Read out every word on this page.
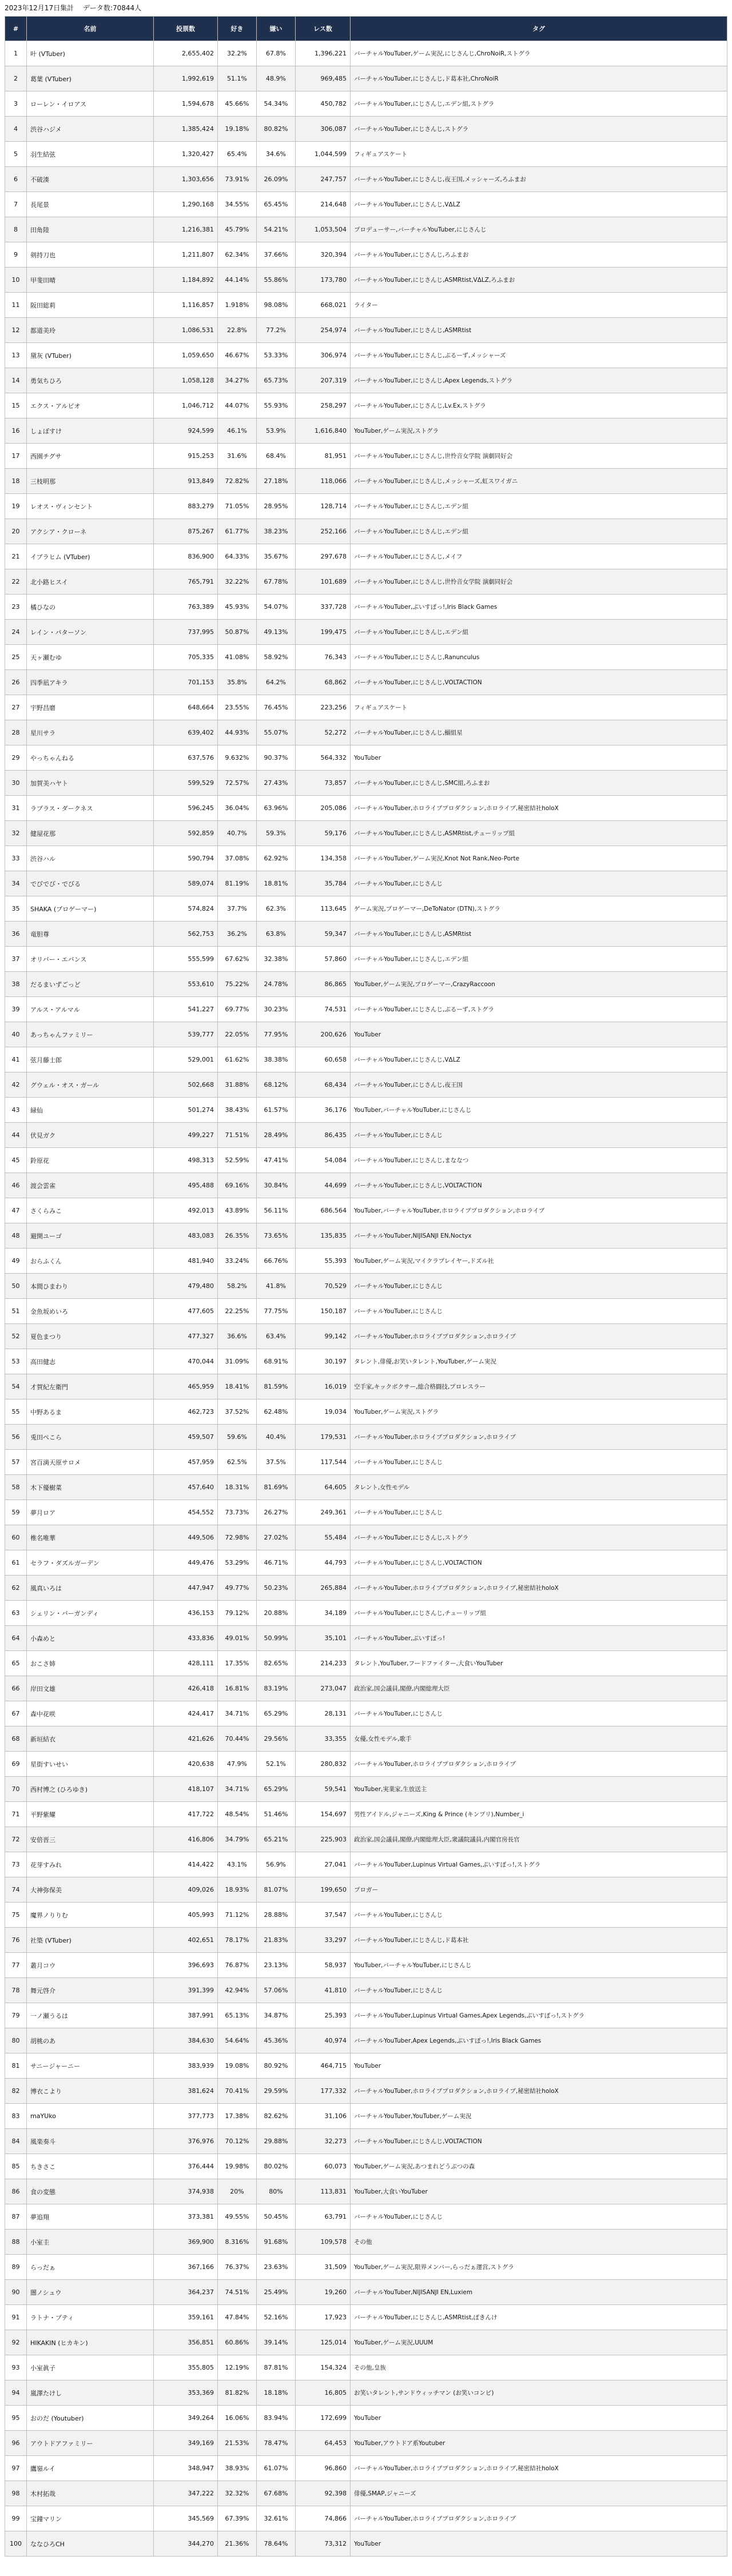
2023年12月17日集計 データ数:70844人
#	名前	投票数	好き	嫌い	レス数	タグ
1	叶 (VTuber)	2,655,402	32.2%	67.8%	1,396,221	バーチャルYouTuber,ゲーム実況,にじさんじ,ChroNoiR,ストグラ
2	葛葉 (VTuber)	1,992,619	51.1%	48.9%	969,485	バーチャルYouTuber,にじさんじ,ド葛本社,ChroNoiR
3	ローレン・イロアス	1,594,678	45.66%	54.34%	450,782	バーチャルYouTuber,にじさんじ,エデン組,ストグラ
4	渋谷ハジメ	1,385,424	19.18%	80.82%	306,087	バーチャルYouTuber,にじさんじ,ストグラ
5	羽生結弦	1,320,427	65.4%	34.6%	1,044,599	フィギュアスケート
6	不破湊	1,303,656	73.91%	26.09%	247,757	バーチャルYouTuber,にじさんじ,夜王国,メッシャーズ,ろふまお
7	長尾景	1,290,168	34.55%	65.45%	214,648	バーチャルYouTuber,にじさんじ,VΔLZ
8	田角陸	1,216,381	45.79%	54.21%	1,053,504	プロデューサー,バーチャルYouTuber,にじさんじ
9	剣持刀也	1,211,807	62.34%	37.66%	320,394	バーチャルYouTuber,にじさんじ,ろふまお
10	甲斐田晴	1,184,892	44.14%	55.86%	173,780	バーチャルYouTuber,にじさんじ,ASMRtist,VΔLZ,ろふまお
11	阪田総莉	1,116,857	1.918%	98.08%	668,021	ライター
12	都道美玲	1,086,531	22.8%	77.2%	254,974	バーチャルYouTuber,にじさんじ,ASMRtist
13	黛灰 (VTuber)	1,059,650	46.67%	53.33%	306,974	バーチャルYouTuber,にじさんじ,ぶるーず,メッシャーズ
14	勇気ちひろ	1,058,128	34.27%	65.73%	207,319	バーチャルYouTuber,にじさんじ,Apex Legends,ストグラ
15	エクス・アルビオ	1,046,712	44.07%	55.93%	258,297	バーチャルYouTuber,にじさんじ,Lv.Ex,ストグラ
16	しょぼすけ	924,599	46.1%	53.9%	1,616,840	YouTuber,ゲーム実況,ストグラ
17	西園チグサ	915,253	31.6%	68.4%	81,951	バーチャルYouTuber,にじさんじ,世怜音女学院 演劇同好会
18	三枝明那	913,849	72.82%	27.18%	118,066	バーチャルYouTuber,にじさんじ,メッシャーズ,虹スワイガニ
19	レオス・ヴィンセント	883,279	71.05%	28.95%	128,714	バーチャルYouTuber,にじさんじ,エデン組
20	アクシア・クローネ	875,267	61.77%	38.23%	252,166	バーチャルYouTuber,にじさんじ,エデン組
21	イブラヒム (VTuber)	836,900	64.33%	35.67%	297,678	バーチャルYouTuber,にじさんじ,メイフ
22	北小路ヒスイ	765,791	32.22%	67.78%	101,689	バーチャルYouTuber,にじさんじ,世怜音女学院 演劇同好会
23	橘ひなの	763,389	45.93%	54.07%	337,728	バーチャルYouTuber,ぶいすぽっ!,Iris Black Games
24	レイン・パターソン	737,995	50.87%	49.13%	199,475	バーチャルYouTuber,にじさんじ,エデン組
25	天ヶ瀬むゆ	705,335	41.08%	58.92%	76,343	バーチャルYouTuber,にじさんじ,Ranunculus
26	四季凪アキラ	701,153	35.8%	64.2%	68,862	バーチャルYouTuber,にじさんじ,VOLTACTION
27	宇野昌磨	648,664	23.55%	76.45%	223,256	フィギュアスケート
28	星川サラ	639,402	44.93%	55.07%	52,272	バーチャルYouTuber,にじさんじ,鰯組星
29	やっちゃんねる	637,576	9.632%	90.37%	564,332	YouTuber
30	加賀美ハヤト	599,529	72.57%	27.43%	73,857	バーチャルYouTuber,にじさんじ,SMC組,ろふまお
31	ラプラス・ダークネス	596,245	36.04%	63.96%	205,086	バーチャルYouTuber,ホロライブプロダクション,ホロライブ,秘密結社holoX
32	健屋花那	592,859	40.7%	59.3%	59,176	バーチャルYouTuber,にじさんじ,ASMRtist,チューリップ組
33	渋谷ハル	590,794	37.08%	62.92%	134,358	バーチャルYouTuber,ゲーム実況,Knot Not Rank,Neo-Porte
34	でびでび・でびる	589,074	81.19%	18.81%	35,784	バーチャルYouTuber,にじさんじ
35	SHAKA (プロゲーマー)	574,824	37.7%	62.3%	113,645	ゲーム実況,プロゲーマー,DeToNator (DTN),ストグラ
36	竜胆尊	562,753	36.2%	63.8%	59,347	バーチャルYouTuber,にじさんじ,ASMRtist
37	オリバー・エバンス	555,599	67.62%	32.38%	57,860	バーチャルYouTuber,にじさんじ,エデン組
38	だるまいずごっど	553,610	75.22%	24.78%	86,865	YouTuber,ゲーム実況,プロゲーマー,CrazyRaccoon
39	アルス・アルマル	541,227	69.77%	30.23%	74,531	バーチャルYouTuber,にじさんじ,ぶるーず,ストグラ
40	あっちゃんファミリー	539,777	22.05%	77.95%	200,626	YouTuber
41	弦月藤士郎	529,001	61.62%	38.38%	60,658	バーチャルYouTuber,にじさんじ,VΔLZ
42	グウェル・オス・ガール	502,668	31.88%	68.12%	68,434	バーチャルYouTuber,にじさんじ,夜王国
43	緑仙	501,274	38.43%	61.57%	36,176	YouTuber,バーチャルYouTuber,にじさんじ
44	伏見ガク	499,227	71.51%	28.49%	86,435	バーチャルYouTuber,にじさんじ
45	鈴原花	498,313	52.59%	47.41%	54,084	バーチャルYouTuber,にじさんじ,まななつ
46	渡会雲雀	495,488	69.16%	30.84%	44,699	バーチャルYouTuber,にじさんじ,VOLTACTION
47	さくらみこ	492,013	43.89%	56.11%	686,564	YouTuber,バーチャルYouTuber,ホロライブプロダクション,ホロライブ
48	避開ユーゴ	483,083	26.35%	73.65%	135,835	バーチャルYouTuber,NIJISANJI EN,Noctyx
49	おらふくん	481,940	33.24%	66.76%	55,393	YouTuber,ゲーム実況,マイクラプレイヤー,ドズル社
50	本間ひまわり	479,480	58.2%	41.8%	70,529	バーチャルYouTuber,にじさんじ
51	金魚坂めいろ	477,605	22.25%	77.75%	150,187	バーチャルYouTuber,にじさんじ
52	夏色まつり	477,327	36.6%	63.4%	99,142	バーチャルYouTuber,ホロライブプロダクション,ホロライブ
53	高田健志	470,044	31.09%	68.91%	30,197	タレント,俳優,お笑いタレント,YouTuber,ゲーム実況
54	才賀紀左衛門	465,959	18.41%	81.59%	16,019	空手家,キックボクサー,総合格闘技,プロレスラー
55	中野あるま	462,723	37.52%	62.48%	19,034	YouTuber,ゲーム実況,ストグラ
56	兎田ぺこら	459,507	59.6%	40.4%	179,531	バーチャルYouTuber,ホロライブプロダクション,ホロライブ
57	宮百満天原サロメ	457,959	62.5%	37.5%	117,544	バーチャルYouTuber,にじさんじ
58	木下優樹菜	457,640	18.31%	81.69%	64,605	タレント,女性モデル
59	夢月ロア	454,552	73.73%	26.27%	249,361	バーチャルYouTuber,にじさんじ
60	椎名唯華	449,506	72.98%	27.02%	55,484	バーチャルYouTuber,にじさんじ,ストグラ
61	セラフ・ダズルガーデン	449,476	53.29%	46.71%	44,793	バーチャルYouTuber,にじさんじ,VOLTACTION
62	風真いろは	447,947	49.77%	50.23%	265,884	バーチャルYouTuber,ホロライブプロダクション,ホロライブ,秘密結社holoX
63	シェリン・バーガンディ	436,153	79.12%	20.88%	34,189	バーチャルYouTuber,にじさんじ,チューリップ組
64	小森めと	433,836	49.01%	50.99%	35,101	バーチャルYouTuber,ぶいすぽっ!
65	おこさ姉	428,111	17.35%	82.65%	214,233	タレント,YouTuber,フードファイター,大食いYouTuber
66	岸田文雄	426,418	16.81%	83.19%	273,047	政治家,国会議員,閣僚,内閣総理大臣
67	森中花咲	424,417	34.71%	65.29%	28,131	バーチャルYouTuber,にじさんじ
68	新垣結衣	421,626	70.44%	29.56%	33,355	女優,女性モデル,歌手
69	星街すいせい	420,638	47.9%	52.1%	280,832	バーチャルYouTuber,ホロライブプロダクション,ホロライブ
70	西村博之 (ひろゆき)	418,107	34.71%	65.29%	59,541	YouTuber,実業家,生放送主
71	平野紫耀	417,722	48.54%	51.46%	154,697	男性アイドル,ジャニーズ,King & Prince (キンプリ),Number_i
72	安倍晋三	416,806	34.79%	65.21%	225,903	政治家,国会議員,閣僚,内閣総理大臣,衆議院議員,内閣官房長官
73	花芽すみれ	414,422	43.1%	56.9%	27,041	バーチャルYouTuber,Lupinus Virtual Games,ぶいすぽっ!,ストグラ
74	大神弥保美	409,026	18.93%	81.07%	199,650	プロガー
75	魔界ノりりむ	405,993	71.12%	28.88%	37,547	バーチャルYouTuber,にじさんじ
76	社築 (VTuber)	402,651	78.17%	21.83%	33,297	バーチャルYouTuber,にじさんじ,ド葛本社
77	叢月コウ	396,693	76.87%	23.13%	58,937	YouTuber,バーチャルYouTuber,にじさんじ
78	舞元啓介	391,399	42.94%	57.06%	41,810	バーチャルYouTuber,にじさんじ
79	一ノ瀬うるは	387,991	65.13%	34.87%	25,393	バーチャルYouTuber,Lupinus Virtual Games,Apex Legends,ぶいすぽっ!,ストグラ
80	胡桃のあ	384,630	54.64%	45.36%	40,974	バーチャルYouTuber,Apex Legends,ぶいすぽっ!,Iris Black Games
81	サニージャーニー	383,939	19.08%	80.92%	464,715	YouTuber
82	博衣こより	381,624	70.41%	29.59%	177,332	バーチャルYouTuber,ホロライブプロダクション,ホロライブ,秘密結社holoX
83	maYUko	377,773	17.38%	82.62%	31,106	バーチャルYouTuber,YouTuber,ゲーム実況
84	風楽奏斗	376,976	70.12%	29.88%	32,273	バーチャルYouTuber,にじさんじ,VOLTACTION
85	ちきさこ	376,444	19.98%	80.02%	60,073	YouTuber,ゲーム実況,あつまれどうぶつの森
86	食の変態	374,938	20%	80%	113,831	YouTuber,大食いYouTuber
87	夢追翔	373,381	49.55%	50.45%	63,791	バーチャルYouTuber,にじさんじ
88	小室圭	369,900	8.316%	91.68%	109,578	その他
89	らっだぁ	367,166	76.37%	23.63%	31,509	YouTuber,ゲーム実況,限界メンバー,らっだぁ運営,ストグラ
90	闇ノシュウ	364,237	74.51%	25.49%	19,260	バーチャルYouTuber,NIJISANJI EN,Luxiem
91	ラトナ・プティ	359,161	47.84%	52.16%	17,923	バーチャルYouTuber,にじさんじ,ASMRtist,ぽきんけ
92	HIKAKIN (ヒカキン)	356,851	60.86%	39.14%	125,014	YouTuber,ゲーム実況,UUUM
93	小室眞子	355,805	12.19%	87.81%	154,324	その他,皇族
94	嵐澤たけし	353,369	81.82%	18.18%	16,805	お笑いタレント,サンドウィッチマン (お笑いコンビ)
95	おのだ (Youtuber)	349,264	16.06%	83.94%	172,699	YouTuber
96	アウトドアファミリー	349,169	21.53%	78.47%	64,453	YouTuber,アウトドア系Youtuber
97	鷹嶺ルイ	348,947	38.93%	61.07%	96,860	バーチャルYouTuber,ホロライブプロダクション,ホロライブ,秘密結社holoX
98	木村拓哉	347,222	32.32%	67.68%	92,398	俳優,SMAP,ジャニーズ
99	宝鐘マリン	345,569	67.39%	32.61%	74,866	バーチャルYouTuber,ホロライブプロダクション,ホロライブ
100	ななひろCH	344,270	21.36%	78.64%	73,312	YouTuber
